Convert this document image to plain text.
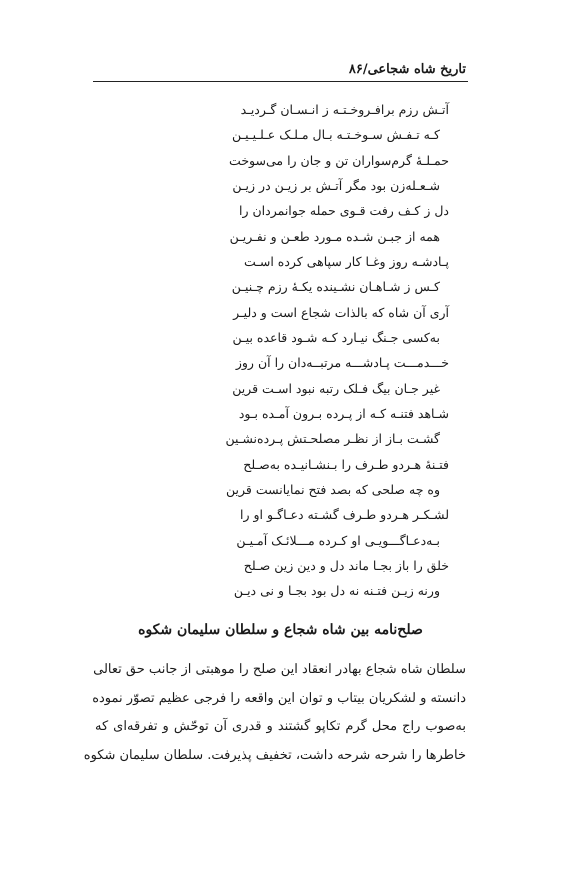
تاریخ شاه شجاعی/۸۶
آتـش رزم برافـروخـتـه ز انـسـان گـردیـد
کـه تـفـش سـوخـتـه بـال مـلـک عـلـیـیـن
حمـلـهٔ گرم‌سواران تن و جان را می‌سوخت
شـعـله‌زن بود مگر آتـش بر زیـن در زیـن
دل ز کـف رفت قـوی حمله جوانمردان را
همه از جبـن شـده مـورد طعـن و نفـریـن
پـادشـه روز وغـا کار سپاهی کرده اسـت
کـس ز شـاهـان نشـینده یکـهٔ رزم چـنیـن
آری آن شاه که بالذات شجاع است و دلیـر
به‌کسی جـنگ نیـارد کـه شـود قاعده بیـن
خـــدمـــت پـادشـــه مرتبــه‌دان را آن روز
غیر جـان بیگ فـلک رتبه نبود اسـت قرین
شـاهد فتنـه کـه از پـرده بـرون آمـده بـود
گشـت بـاز از نظـر مصلحـتش پـرده‌نشـین
فتـنهٔ هـردو طـرف را بـنشـانیـده به‌صـلح
وه چه صلحی که بصد فتح نمایانست قرین
لشـکـر هـردو طـرف گشـته دعـاگـو او را
بـه‌دعـاگـــویـی او کـرده مـــلائـک آمـیـن
خلق را باز بجـا ماند دل و دین زین صـلح
ورنه زیـن فتـنه نه دل بود بجـا و نی دیـن
صلح‌نامه بین شاه شجاع و سلطان سلیمان شکوه
سلطان شاه شجاع بهادر انعقاد این صلح را موهبتی از جانب حق تعالی
دانسته و لشکریان بیتاب و توان این واقعه را فرجی عظیم تصوّر نموده
به‌صوب راج محل گرم تکاپو گشتند و قدری آن توحّش و تفرقه‌ای که
خاطرها را شرحه شرحه داشت، تخفیف پذیرفت. سلطان سلیمان شکوه
